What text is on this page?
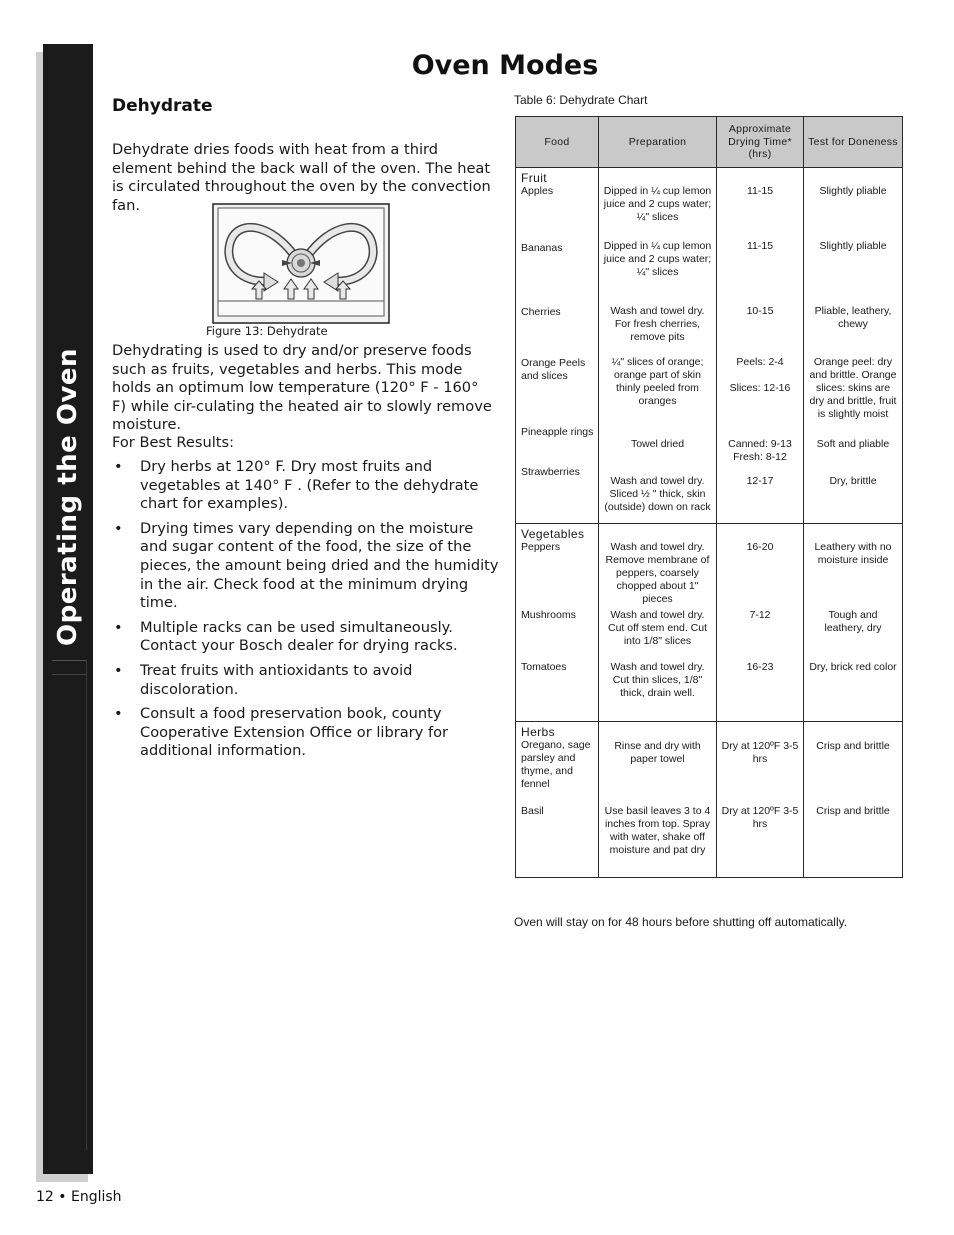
Operating the Oven
Oven Modes
Dehydrate
Dehydrate dries foods with heat from a third element behind the back wall of the oven. The heat is circulated throughout the oven by the convection fan.
Figure 13: Dehydrate
Dehydrating is used to dry and/or preserve foods such as fruits, vegetables and herbs. This mode holds an optimum low temperature (120° F - 160° F) while cir-culating the heated air to slowly remove moisture.
For Best Results:
• Dry herbs at 120° F. Dry most fruits and vegetables at 140° F . (Refer to the dehydrate chart for examples).
• Drying times vary depending on the moisture and sugar content of the food, the size of the pieces, the amount being dried and the humidity in the air. Check food at the minimum drying time.
• Multiple racks can be used simultaneously. Contact your Bosch dealer for drying racks.
• Treat fruits with antioxidants to avoid discoloration.
• Consult a food preservation book, county Cooperative Extension Office or library for additional information.
Table 6: Dehydrate Chart
Food	Preparation	Approximate Drying Time*(hrs)	Test for Doneness

Fruit
Apples	Dipped in ¼ cup lemon juice and 2 cups water; ¼" slices	11-15	Slightly pliable

Bananas	Dipped in ¼ cup lemon juice and 2 cups water; ¼" slices	11-15	Slightly pliable

Cherries	Wash and towel dry. For fresh cherries, remove pits	10-15	Pliable, leathery, chewy

Orange Peels and slices	¼" slices of orange; orange part of skin thinly peeled from oranges	Peels: 2-4
Slices: 12-16	Orange peel: dry and brittle. Orange slices: skins are dry and brittle, fruit is slightly moist

Pineapple rings	Towel dried	Canned: 9-13 Fresh: 8-12	Soft and pliable

Strawberries	Wash and towel dry. Sliced ½ " thick, skin (outside) down on rack	12-17	Dry, brittle

Vegetables
Peppers	Wash and towel dry. Remove membrane of peppers, coarsely chopped about 1" pieces	16-20	Leathery with no moisture inside

Mushrooms	Wash and towel dry. Cut off stem end. Cut into 1/8" slices	7-12	Tough and leathery, dry

Tomatoes	Wash and towel dry. Cut thin slices, 1/8" thick, drain well.	16-23	Dry, brick red color

Herbs
Oregano, sage parsley and thyme, and fennel	Rinse and dry with paper towel	Dry at 120ºF 3-5 hrs	Crisp and brittle

Basil	Use basil leaves 3 to 4 inches from top. Spray with water, shake off moisture and pat dry	Dry at 120ºF 3-5 hrs	Crisp and brittle
Oven will stay on for 48 hours before shutting off automatically.
12 • English
